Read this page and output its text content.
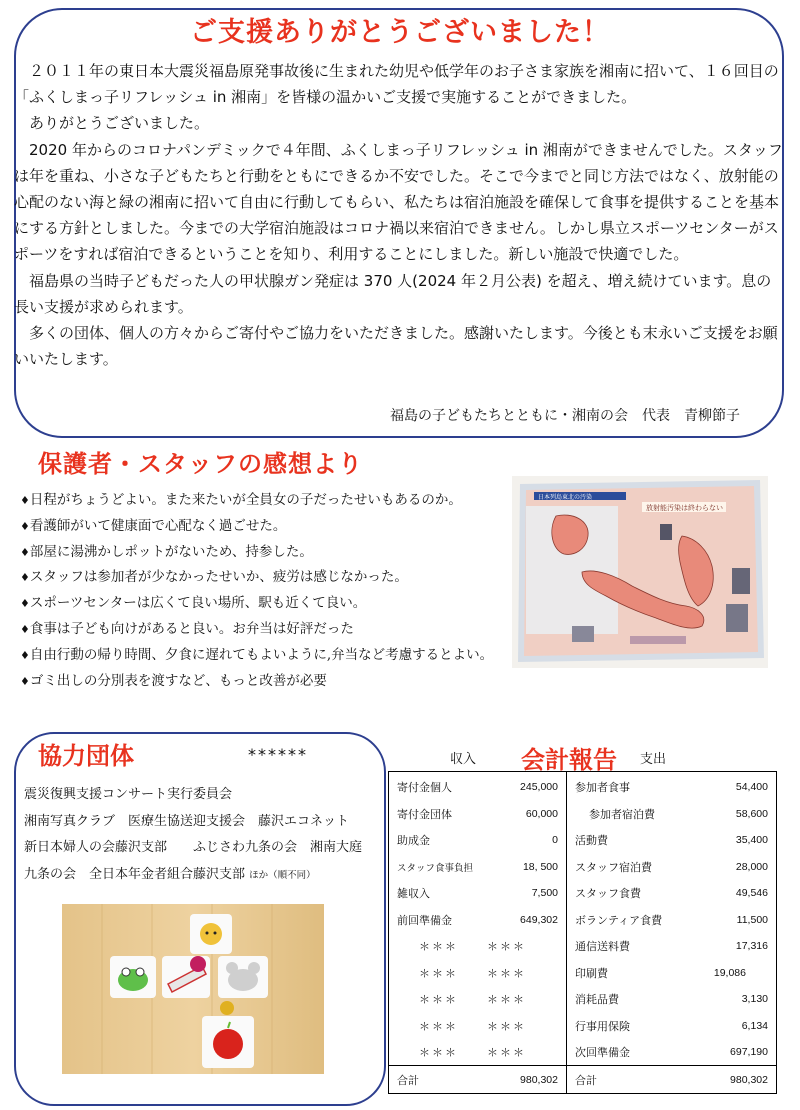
ご支援ありがとうございました！

２０１１年の東日本大震災福島原発事故後に生まれた幼児や低学年のお子さま家族を湘南に招いて、１６回目の「ふくしまっ子リフレッシュ in 湘南」を皆様の温かいご支援で実施することができました。

ありがとうございました。

2020 年からのコロナパンデミックで４年間、ふくしまっ子リフレッシュ in 湘南ができませんでした。スタッフは年を重ね、小さな子どもたちと行動をともにできるか不安でした。そこで今までと同じ方法ではなく、放射能の心配のない海と緑の湘南に招いて自由に行動してもらい、私たちは宿泊施設を確保して食事を提供することを基本にする方針としました。今までの大学宿泊施設はコロナ禍以来宿泊できません。しかし県立スポーツセンターがスポーツをすれば宿泊できるということを知り、利用することにしました。新しい施設で快適でした。

福島県の当時子どもだった人の甲状腺ガン発症は 370 人(2024 年２月公表) を超え、増え続けています。息の長い支援が求められます。

多くの団体、個人の方々からご寄付やご協力をいただきました。感謝いたします。今後とも末永いご支援をお願いいたします。

福島の子どもたちとともに・湘南の会　代表　青柳節子
保護者・スタッフの感想より
♦日程がちょうどよい。また来たいが全員女の子だったせいもあるのか。
♦看護師がいて健康面で心配なく過ごせた。
♦部屋に湯沸かしポットがないため、持参した。
♦スタッフは参加者が少なかったせいか、疲労は感じなかった。
♦スポーツセンターは広くて良い場所、駅も近くて良い。
♦食事は子ども向けがあると良い。お弁当は好評だった
♦自由行動の帰り時間、夕食に遅れてもよいように,弁当など考慮するとよい。
♦ゴミ出しの分別表を渡すなど、もっと改善が必要
日本列島東北の汚染
放射能汚染は終わらない
協力団体	******
震災復興支援コンサート実行委員会
湘南写真クラブ　医療生協送迎支援会　藤沢エコネット
新日本婦人の会藤沢支部　　ふじさわ九条の会　湘南大庭
九条の会　全日本年金者組合藤沢支部 ほか（順不同）
収入 会計報告 支出
寄付金個人	245,000
寄付金団体	60,000
助成金	0
スタッフ食事負担	18, 500
雑収入	7,500
前回準備金	649,302
＊＊＊	＊＊＊
＊＊＊	＊＊＊
＊＊＊	＊＊＊
＊＊＊	＊＊＊
＊＊＊	＊＊＊
合計	980,302
参加者食事	54,400
参加者宿泊費	58,600
活動費	35,400
スタッフ宿泊費	28,000
スタッフ食費	49,546
ボランティア食費	11,500
通信送料費	17,316
印刷費	19,086
消耗品費	3,130
行事用保険	6,134
次回準備金	697,190
合計	980,302
